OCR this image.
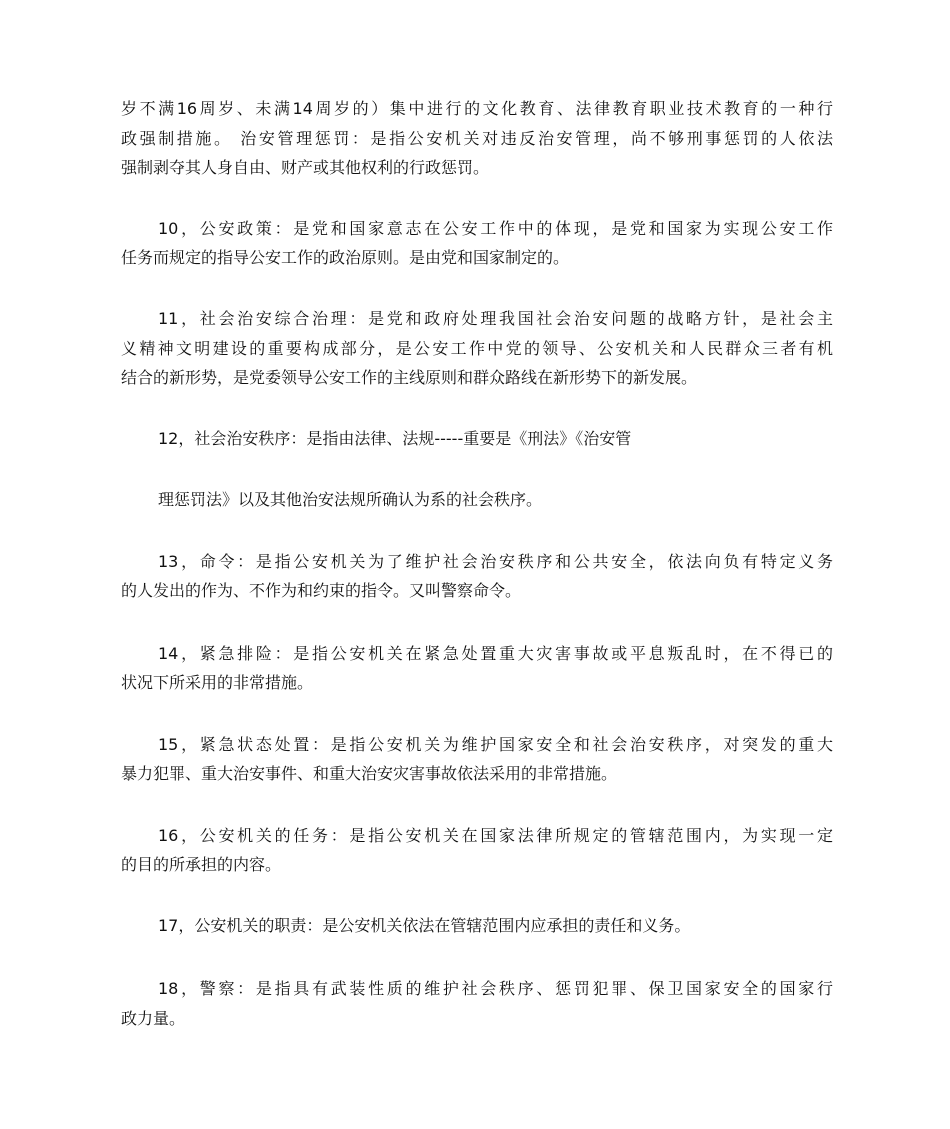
岁不满16周岁、未满14周岁的）集中进行的文化教育、法律教育职业技术教育的一种行
政强制措施。 治安管理惩罚：是指公安机关对违反治安管理，尚不够刑事惩罚的人依法
强制剥夺其人身自由、财产或其他权利的行政惩罚。
10，公安政策：是党和国家意志在公安工作中的体现，是党和国家为实现公安工作
任务而规定的指导公安工作的政治原则。是由党和国家制定的。
11，社会治安综合治理：是党和政府处理我国社会治安问题的战略方针，是社会主
义精神文明建设的重要构成部分，是公安工作中党的领导、公安机关和人民群众三者有机
结合的新形势，是党委领导公安工作的主线原则和群众路线在新形势下的新发展。
12，社会治安秩序：是指由法律、法规-----重要是《刑法》《治安管
理惩罚法》以及其他治安法规所确认为系的社会秩序。
13，命令：是指公安机关为了维护社会治安秩序和公共安全，依法向负有特定义务
的人发出的作为、不作为和约束的指令。又叫警察命令。
14，紧急排险：是指公安机关在紧急处置重大灾害事故或平息叛乱时，在不得已的
状况下所采用的非常措施。
15，紧急状态处置：是指公安机关为维护国家安全和社会治安秩序，对突发的重大
暴力犯罪、重大治安事件、和重大治安灾害事故依法采用的非常措施。
16，公安机关的任务：是指公安机关在国家法律所规定的管辖范围内，为实现一定
的目的所承担的内容。
17，公安机关的职责：是公安机关依法在管辖范围内应承担的责任和义务。
18，警察：是指具有武装性质的维护社会秩序、惩罚犯罪、保卫国家安全的国家行
政力量。
